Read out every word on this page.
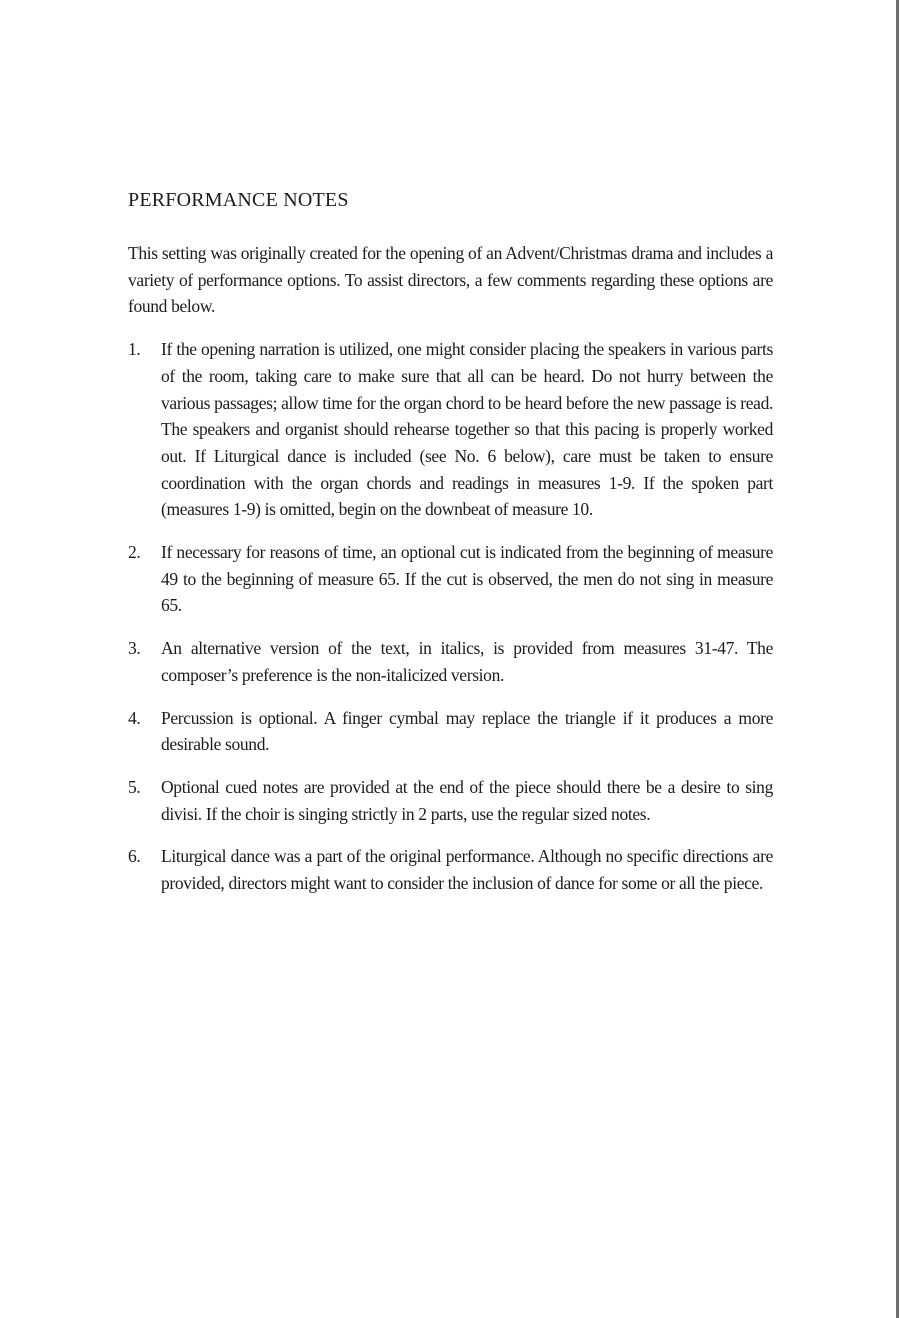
PERFORMANCE NOTES

This setting was originally created for the opening of an Advent/Christmas drama and includes a variety of performance options. To assist directors, a few comments regarding these options are found below.

1. If the opening narration is utilized, one might consider placing the speakers in various parts of the room, taking care to make sure that all can be heard. Do not hurry between the various passages; allow time for the organ chord to be heard before the new passage is read. The speakers and organist should rehearse together so that this pacing is properly worked out. If Liturgical dance is included (see No. 6 below), care must be taken to ensure coordination with the organ chords and readings in measures 1-9. If the spoken part (measures 1-9) is omitted, begin on the downbeat of measure 10.
2. If necessary for reasons of time, an optional cut is indicated from the beginning of measure 49 to the beginning of measure 65. If the cut is observed, the men do not sing in measure 65.
3. An alternative version of the text, in italics, is provided from measures 31-47. The composer’s preference is the non-italicized version.
4. Percussion is optional. A finger cymbal may replace the triangle if it produces a more desirable sound.
5. Optional cued notes are provided at the end of the piece should there be a desire to sing divisi. If the choir is singing strictly in 2 parts, use the regular sized notes.
6. Liturgical dance was a part of the original performance. Although no specific directions are provided, directors might want to consider the inclusion of dance for some or all the piece.
